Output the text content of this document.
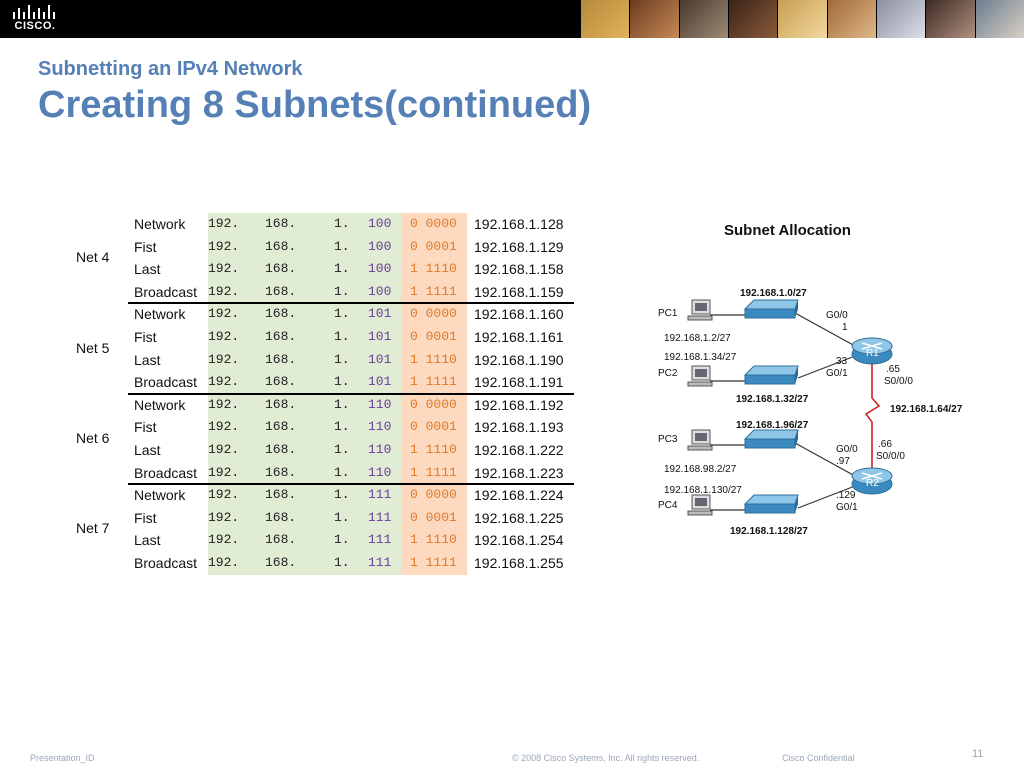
CISCO.
Subnetting an IPv4 Network
Creating 8 Subnets(continued)
Net 4
Network	192.	168.	1.	100	0 0000	192.168.1.128
Fist	192.	168.	1.	100	0 0001	192.168.1.129
Last	192.	168.	1.	100	1 1110	192.168.1.158
Broadcast 192.	168.	1.	100	1 1111	192.168.1.159
Net 5
Network	192.	168.	1.	101	0 0000	192.168.1.160
Fist	192.	168.	1.	101	0 0001	192.168.1.161
Last	192.	168.	1.	101	1 1110	192.168.1.190
Broadcast 192.	168.	1.	101	1 1111	192.168.1.191
Net 6
Network	192.	168.	1.	110	0 0000	192.168.1.192
Fist	192.	168.	1.	110	0 0001	192.168.1.193
Last	192.	168.	1.	110	1 1110	192.168.1.222
Broadcast 192.	168.	1.	110	1 1111	192.168.1.223
Net 7
Network	192.	168.	1.	111	0 0000	192.168.1.224
Fist	192.	168.	1.	111	0 0001	192.168.1.225
Last	192.	168.	1.	111	1 1110	192.168.1.254
Broadcast 192.	168.	1.	111	1 1111	192.168.1.255
Subnet Allocation
192.168.1.0/27
PC1
192.168.1.2/27
192.168.1.34/27
PC2
192.168.1.32/27
G0/0
1
R1
33
G0/1	.65
S0/0/0
192.168.1.64/27
192.168.1.96/27
PC3
192.168.98.2/27
G0/0
.97
.66
S0/0/0
R2
192.168.1.130/27
PC4
.129
G0/1
192.168.1.128/27
Presentation_ID	© 2008 Cisco Systems, Inc. All rights reserved.	Cisco Confidential	11
